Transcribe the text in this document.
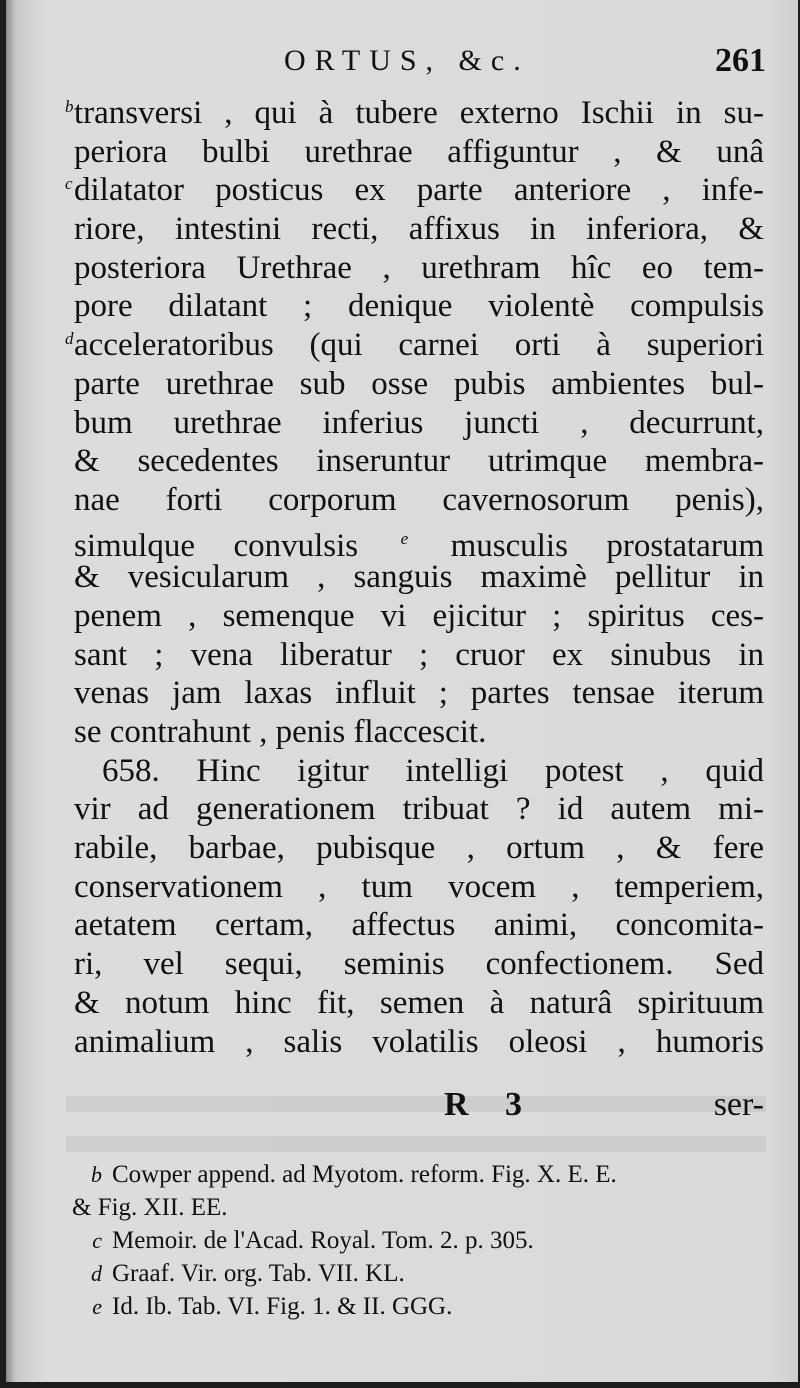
ORTUS, &c.	261
b transversi , qui à tubere externo Ischii in su-
periora bulbi urethrae affiguntur , & unâ
c dilatator posticus ex parte anteriore , infe-
riore, intestini recti, affixus in inferiora, &
posteriora Urethrae , urethram hîc eo tem-
pore dilatant ; denique violentè compulsis
d acceleratoribus (qui carnei orti à superiori
parte urethrae sub osse pubis ambientes bul-
bum urethrae inferius juncti , decurrunt,
& secedentes inseruntur utrimque membra-
nae forti corporum cavernosorum penis),
simulque convulsis $^e$ musculis prostatarum
& vesicularum , sanguis maximè pellitur in
penem , semenque vi ejicitur ; spiritus ces-
sant ; vena liberatur ; cruor ex sinubus in
venas jam laxas influit ; partes tensae iterum
se contrahunt , penis flaccescit.
658. Hinc igitur intelligi potest , quid
vir ad generationem tribuat ? id autem mi-
rabile, barbae, pubisque , ortum , & fere
conservationem , tum vocem , temperiem,
aetatem certam, affectus animi, concomita-
ri, vel sequi, seminis confectionem. Sed
& notum hinc fit, semen à naturâ spirituum
animalium , salis volatilis oleosi , humoris
R 3	ser-
b Cowper append. ad Myotom. reform. Fig. X. E. E.
& Fig. XII. EE.
c Memoir. de l'Acad. Royal. Tom. 2. p. 305.
d Graaf. Vir. org. Tab. VII. KL.
e Id. Ib. Tab. VI. Fig. 1. & II. GGG.
